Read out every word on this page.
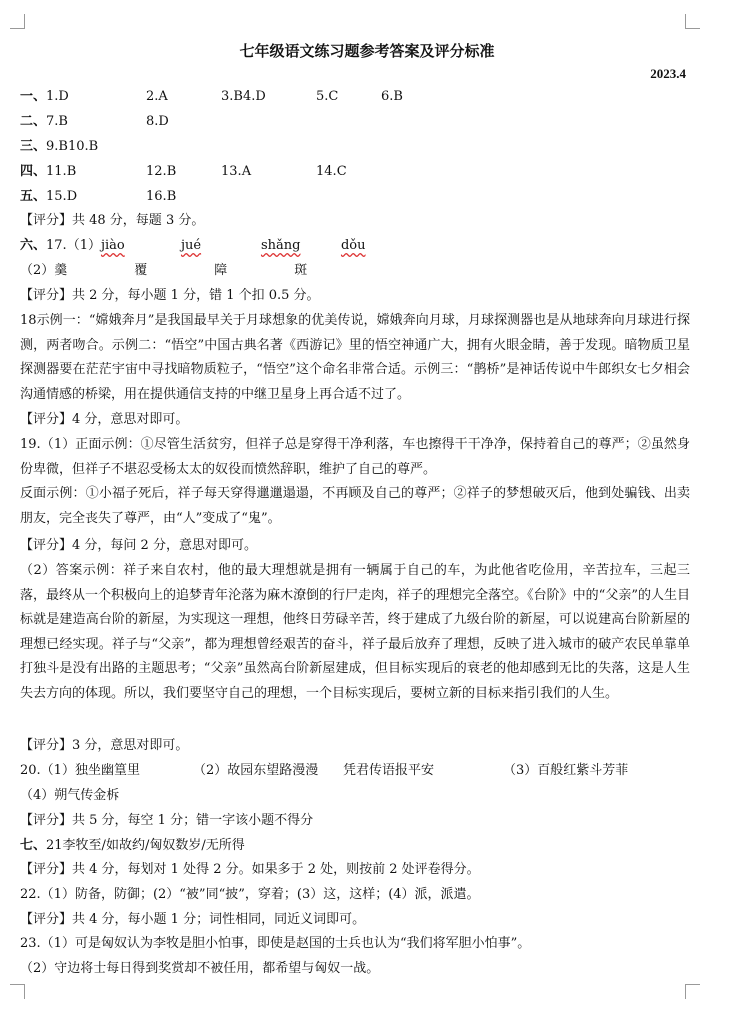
七年级语文练习题参考答案及评分标准
2023.4
一、1.D	2.A	3.B4.D	5.C	6.B
二、7.B	8.D
三、9.B10.B
四、11.B	12.B	13.A	14.C
五、15.D	16.B
【评分】共 48 分，每题 3 分。
六、17.（1）jiào	jué	shǎng	dǒu
（2）羹	覆	障	斑
【评分】共 2 分，每小题 1 分，错 1 个扣 0.5 分。
18示例一：“嫦娥奔月”是我国最早关于月球想象的优美传说，嫦娥奔向月球，月球探测器也是从地球奔向月球进行探测，两者吻合。示例二：“悟空”中国古典名著《西游记》里的悟空神通广大，拥有火眼金睛，善于发现。暗物质卫星探测器要在茫茫宇宙中寻找暗物质粒子，“悟空”这个命名非常合适。示例三：“鹊桥”是神话传说中牛郎织女七夕相会沟通情感的桥梁，用在提供通信支持的中继卫星身上再合适不过了。
【评分】4 分，意思对即可。
19.（1）正面示例：①尽管生活贫穷，但祥子总是穿得干净利落，车也擦得干干净净，保持着自己的尊严；②虽然身份卑微，但祥子不堪忍受杨太太的奴役而愤然辞职，维护了自己的尊严。
反面示例：①小福子死后，祥子每天穿得邋邋遢遢，不再顾及自己的尊严；②祥子的梦想破灭后，他到处骗钱、出卖朋友，完全丧失了尊严，由“人”变成了“鬼”。
【评分】4 分，每问 2 分，意思对即可。
（2）答案示例：祥子来自农村，他的最大理想就是拥有一辆属于自己的车，为此他省吃俭用，辛苦拉车，三起三落，最终从一个积极向上的追梦青年沦落为麻木潦倒的行尸走肉，祥子的理想完全落空。《台阶》中的“父亲”的人生目标就是建造高台阶的新屋，为实现这一理想，他终日劳碌辛苦，终于建成了九级台阶的新屋，可以说建高台阶新屋的理想已经实现。祥子与“父亲”，都为理想曾经艰苦的奋斗，祥子最后放弃了理想，反映了进入城市的破产农民单靠单打独斗是没有出路的主题思考；“父亲”虽然高台阶新屋建成，但目标实现后的衰老的他却感到无比的失落，这是人生失去方向的体现。所以，我们要坚守自己的理想，一个目标实现后，要树立新的目标来指引我们的人生。
【评分】3 分，意思对即可。
20.（1）独坐幽篁里	（2）故园东望路漫漫 凭君传语报平安	（3）百般红紫斗芳菲
（4）朔气传金柝
【评分】共 5 分，每空 1 分；错一字该小题不得分
七、21李牧至/如故约/匈奴数岁/无所得
【评分】共 4 分，每划对 1 处得 2 分。如果多于 2 处，则按前 2 处评卷得分。
22.（1）防备，防御；(2）“被”同“披”，穿着；(3）这，这样；(4）派，派遣。
【评分】共 4 分，每小题 1 分；词性相同，同近义词即可。
23.（1）可是匈奴认为李牧是胆小怕事，即使是赵国的士兵也认为“我们将军胆小怕事”。
（2）守边将士每日得到奖赏却不被任用，都希望与匈奴一战。
